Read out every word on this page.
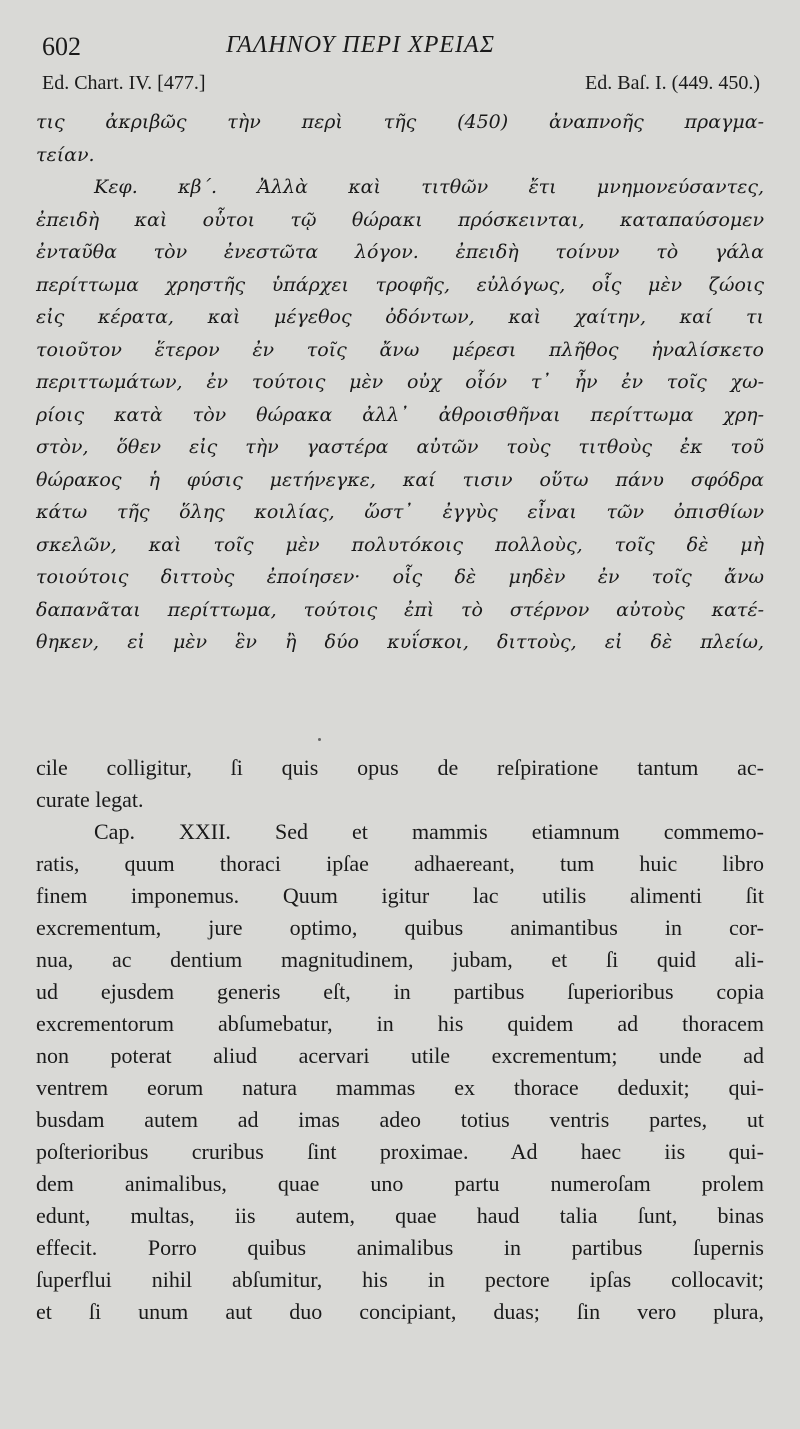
602	ΓΑΛΗΝΟΥ ΠΕΡΙ ΧΡΕΙΑΣ
Ed. Chart. IV. [477.]	Ed. Baſ. I. (449. 450.)
τις ἀκριβῶς τὴν περὶ τῆς (450) ἀναπνοῆς πραγμα-
τείαν.
Κεφ. κβ΄. Ἀλλὰ καὶ τιτθῶν ἔτι μνημονεύσαντες,
ἐπειδὴ καὶ οὗτοι τῷ θώρακι πρόσκεινται, καταπαύσομεν
ἐνταῦθα τὸν ἐνεστῶτα λόγον. ἐπειδὴ τοίνυν τὸ γάλα
περίττωμα χρηστῆς ὑπάρχει τροφῆς, εὐλόγως, οἷς μὲν ζώοις
εἰς κέρατα, καὶ μέγεθος ὀδόντων, καὶ χαίτην, καί τι
τοιοῦτον ἕτερον ἐν τοῖς ἄνω μέρεσι πλῆθος ἠναλίσκετο
περιττωμάτων, ἐν τούτοις μὲν οὐχ οἷόν τ᾽ ἦν ἐν τοῖς χω-
ρίοις κατὰ τὸν θώρακα ἀλλ᾽ ἀθροισθῆναι περίττωμα χρη-
στὸν, ὅθεν εἰς τὴν γαστέρα αὐτῶν τοὺς τιτθοὺς ἐκ τοῦ
θώρακος ἡ φύσις μετήνεγκε, καί τισιν οὕτω πάνυ σφόδρα
κάτω τῆς ὅλης κοιλίας, ὥστ᾽ ἐγγὺς εἶναι τῶν ὀπισθίων
σκελῶν, καὶ τοῖς μὲν πολυτόκοις πολλοὺς, τοῖς δὲ μὴ
τοιούτοις διττοὺς ἐποίησεν· οἷς δὲ μηδὲν ἐν τοῖς ἄνω
δαπανᾶται περίττωμα, τούτοις ἐπὶ τὸ στέρνον αὐτοὺς κατέ-
θηκεν, εἰ μὲν ἓν ἢ δύο κυΐσκοι, διττοὺς, εἰ δὲ πλείω,
cile colligitur, ſi quis opus de reſpiratione tantum ac-
curate legat.
Cap. XXII. Sed et mammis etiamnum commemo-
ratis, quum thoraci ipſae adhaereant, tum huic libro
finem imponemus. Quum igitur lac utilis alimenti ſit
excrementum, jure optimo, quibus animantibus in cor-
nua, ac dentium magnitudinem, jubam, et ſi quid ali-
ud ejusdem generis eſt, in partibus ſuperioribus copia
excrementorum abſumebatur, in his quidem ad thoracem
non poterat aliud acervari utile excrementum; unde ad
ventrem eorum natura mammas ex thorace deduxit; qui-
busdam autem ad imas adeo totius ventris partes, ut
poſterioribus cruribus ſint proximae. Ad haec iis qui-
dem animalibus, quae uno partu numeroſam prolem
edunt, multas, iis autem, quae haud talia ſunt, binas
effecit. Porro quibus animalibus in partibus ſupernis
ſuperflui nihil abſumitur, his in pectore ipſas collocavit;
et ſi unum aut duo concipiant, duas; ſin vero plura,
